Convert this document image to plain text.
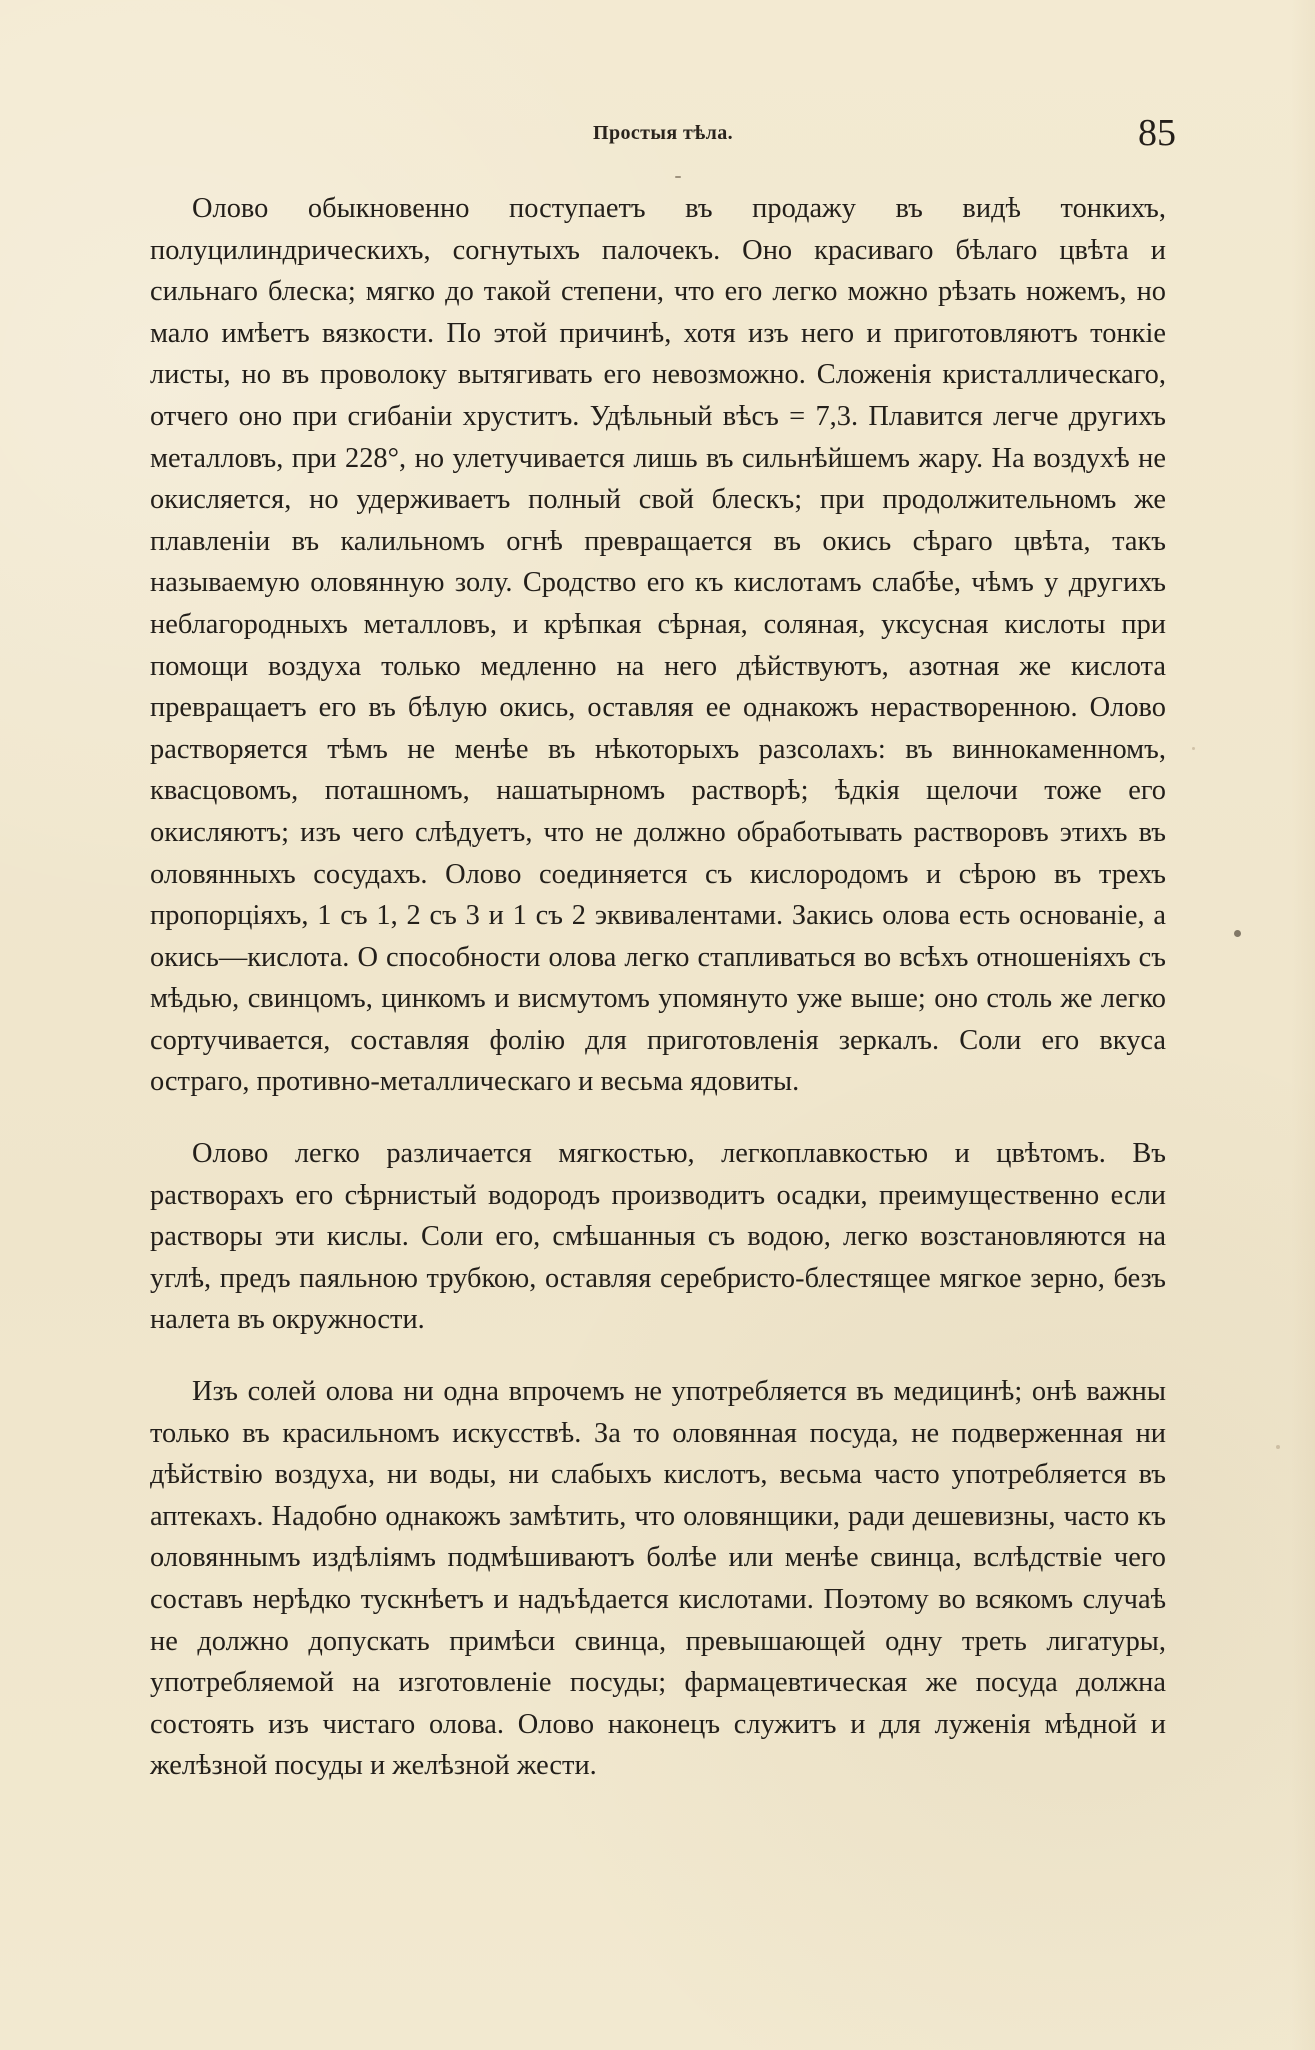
Простыя тѣла.	85

Олово обыкновенно поступаетъ въ продажу въ видѣ тонкихъ, полуцилиндрическихъ, согнутыхъ палочекъ. Оно красиваго бѣлаго цвѣта и сильнаго блеска; мягко до такой степени, что его легко можно рѣзать ножемъ, но мало имѣетъ вязкости. По этой причинѣ, хотя изъ него и приготовляютъ тонкіе листы, но въ проволоку вытягивать его невозможно. Сложенія кристаллическаго, отчего оно при сгибаніи хруститъ. Удѣльный вѣсъ = 7,3. Плавится легче другихъ металловъ, при 228°, но улетучивается лишь въ сильнѣйшемъ жару. На воздухѣ не окисляется, но удерживаетъ полный свой блескъ; при продолжительномъ же плавленіи въ калильномъ огнѣ превращается въ окись сѣраго цвѣта, такъ называемую оловянную золу. Сродство его къ кислотамъ слабѣе, чѣмъ у другихъ неблагородныхъ металловъ, и крѣпкая сѣрная, соляная, уксусная кислоты при помощи воздуха только медленно на него дѣйствуютъ, азотная же кислота превращаетъ его въ бѣлую окись, оставляя ее однакожъ нерастворенною. Олово растворяется тѣмъ не менѣе въ нѣкоторыхъ разсолахъ: въ виннокаменномъ, квасцовомъ, поташномъ, нашатырномъ растворѣ; ѣдкія щелочи тоже его окисляютъ; изъ чего слѣдуетъ, что не должно обработывать растворовъ этихъ въ оловянныхъ сосудахъ. Олово соединяется съ кислородомъ и сѣрою въ трехъ пропорціяхъ, 1 съ 1, 2 съ 3 и 1 съ 2 эквивалентами. Закись олова есть основаніе, а окись—кислота. О способности олова легко стапливаться во всѣхъ отношеніяхъ съ мѣдью, свинцомъ, цинкомъ и висмутомъ упомянуто уже выше; оно столь же легко сортучивается, составляя фолію для приготовленія зеркалъ. Соли его вкуса остраго, противно-металлическаго и весьма ядовиты.

Олово легко различается мягкостью, легкоплавкостью и цвѣтомъ. Въ растворахъ его сѣрнистый водородъ производитъ осадки, преимущественно если растворы эти кислы. Соли его, смѣшанныя съ водою, легко возстановляются на углѣ, предъ паяльною трубкою, оставляя серебристо-блестящее мягкое зерно, безъ налета въ окружности.

Изъ солей олова ни одна впрочемъ не употребляется въ медицинѣ; онѣ важны только въ красильномъ искусствѣ. За то оловянная посуда, не подверженная ни дѣйствію воздуха, ни воды, ни слабыхъ кислотъ, весьма часто употребляется въ аптекахъ. Надобно однакожъ замѣтить, что оловянщики, ради дешевизны, часто къ оловяннымъ издѣліямъ подмѣшиваютъ болѣе или менѣе свинца, вслѣдствіе чего составъ нерѣдко тускнѣетъ и надъѣдается кислотами. Поэтому во всякомъ случаѣ не должно допускать примѣси свинца, превышающей одну треть лигатуры, употребляемой на изготовленіе посуды; фармацевтическая же посуда должна состоять изъ чистаго олова. Олово наконецъ служитъ и для луженія мѣдной и желѣзной посуды и желѣзной жести.
